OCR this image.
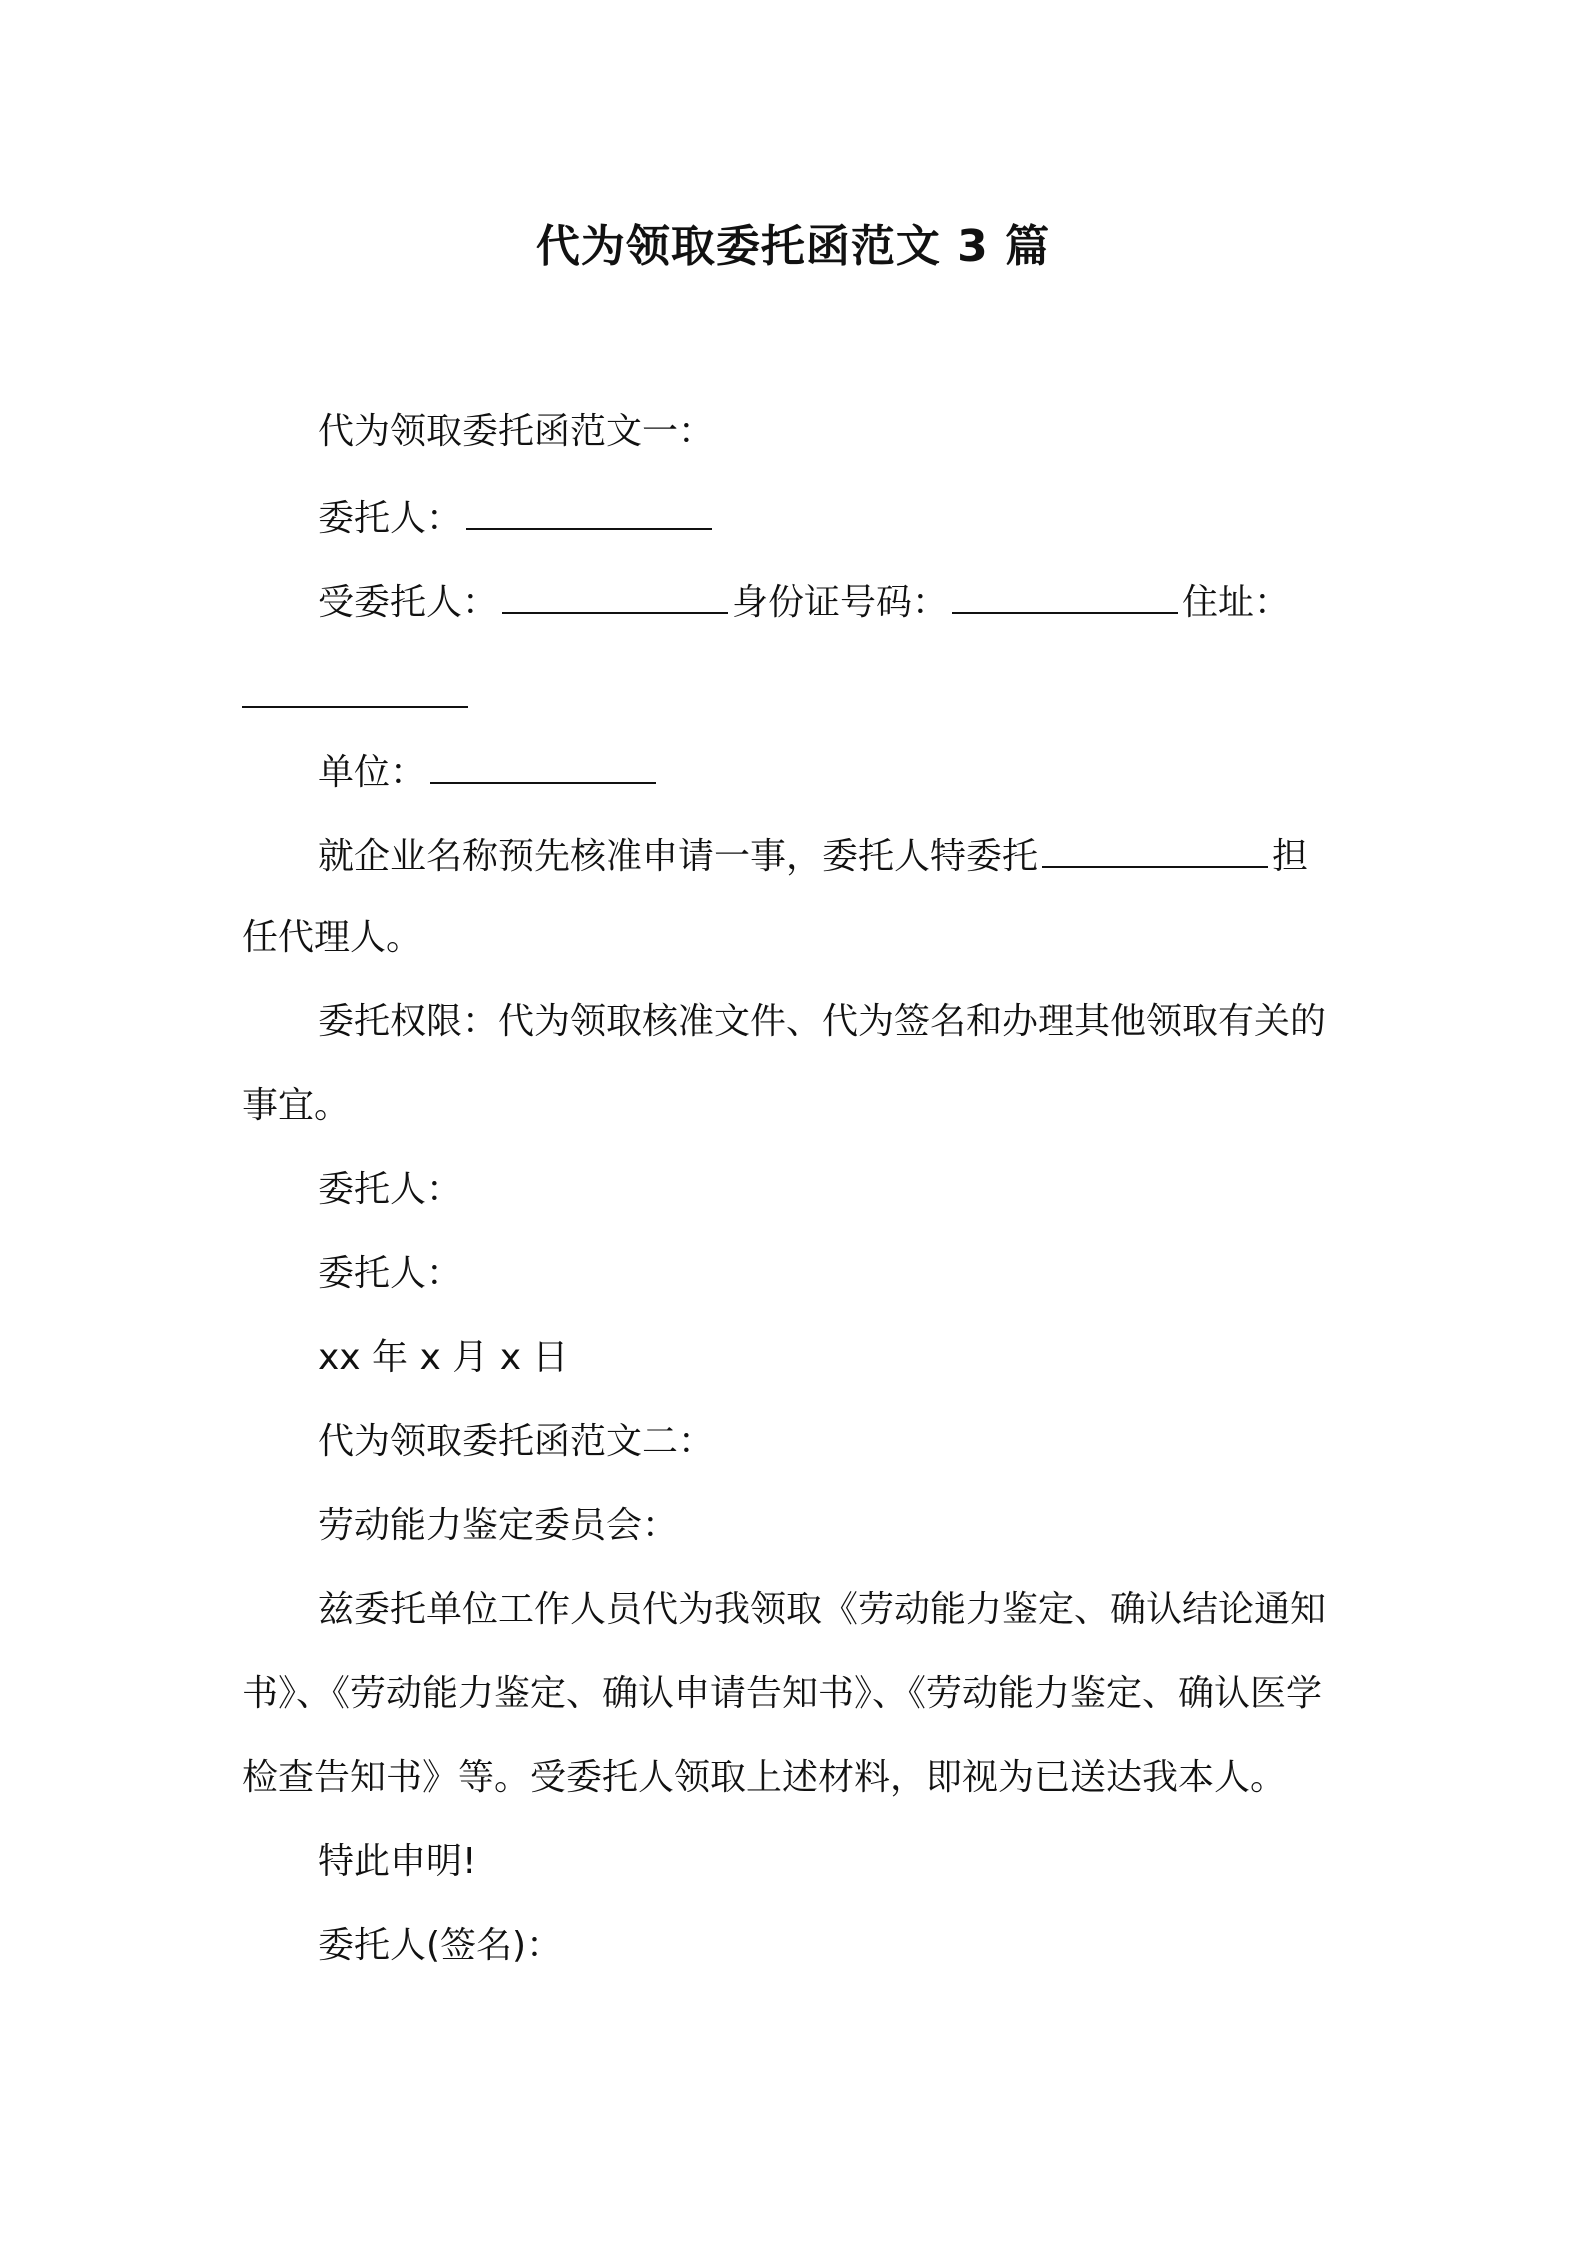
代为领取委托函范文 3 篇
代为领取委托函范文一：
委托人：
受委托人：	身份证号码：	住址：
单位：
就企业名称预先核准申请一事，委托人特委托	担
任代理人。
委托权限：代为领取核准文件、代为签名和办理其他领取有关的
事宜。
委托人：
委托人：
xx 年 x 月 x 日
代为领取委托函范文二：
劳动能力鉴定委员会：
兹委托单位工作人员代为我领取《劳动能力鉴定、确认结论通知
书》、《劳动能力鉴定、确认申请告知书》、《劳动能力鉴定、确认医学
检查告知书》等。受委托人领取上述材料，即视为已送达我本人。
特此申明!
委托人(签名)：
